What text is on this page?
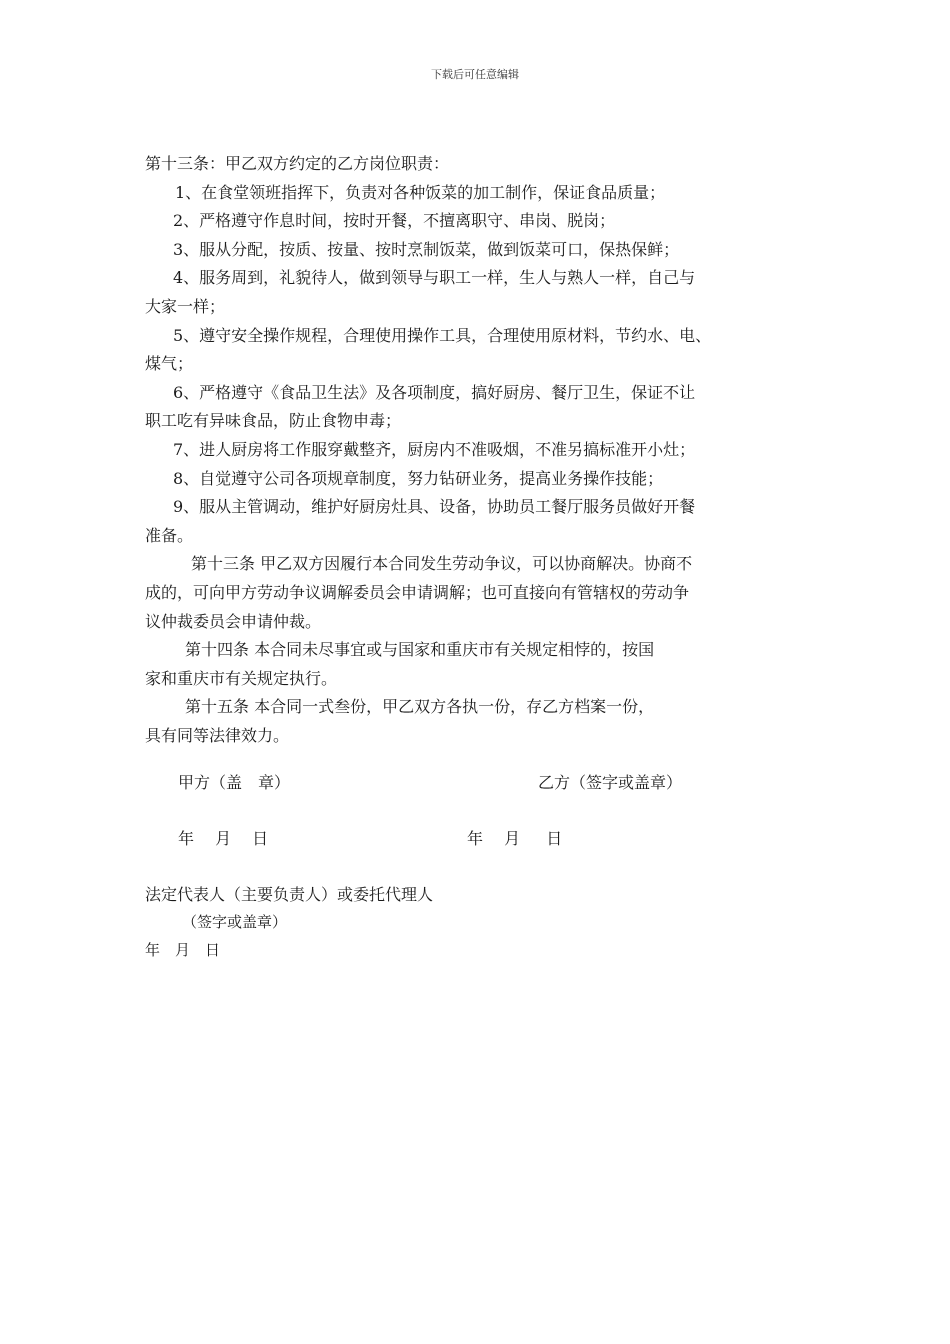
下载后可任意编辑
第十三条：甲乙双方约定的乙方岗位职责：
1、在食堂领班指挥下，负责对各种饭菜的加工制作，保证食品质量；
2、严格遵守作息时间，按时开餐，不擅离职守、串岗、脱岗；
3、服从分配，按质、按量、按时烹制饭菜，做到饭菜可口，保热保鲜；
4、服务周到，礼貌待人，做到领导与职工一样，生人与熟人一样，自己与
大家一样；
5、遵守安全操作规程，合理使用操作工具，合理使用原材料，节约水、电、
煤气；
6、严格遵守《食品卫生法》及各项制度，搞好厨房、餐厅卫生，保证不让
职工吃有异味食品，防止食物申毒；
7、进人厨房将工作服穿戴整齐，厨房内不准吸烟，不准另搞标准开小灶；
8、自觉遵守公司各项规章制度，努力钻研业务，提高业务操作技能；
9、服从主管调动，维护好厨房灶具、设备，协助员工餐厅服务员做好开餐
准备。
第十三条 甲乙双方因履行本合同发生劳动争议，可以协商解决。协商不
成的，可向甲方劳动争议调解委员会申请调解；也可直接向有管辖权的劳动争
议仲裁委员会申请仲裁。
第十四条 本合同未尽事宜或与国家和重庆市有关规定相悖的，按国
家和重庆市有关规定执行。
第十五条 本合同一式叁份，甲乙双方各执一份，存乙方档案一份，
具有同等法律效力。
甲方（盖　章）	乙方（签字或盖章）
年　 月　 日	年　 月　  日
法定代表人（主要负责人）或委托代理人
（签字或盖章）
年　月　日
